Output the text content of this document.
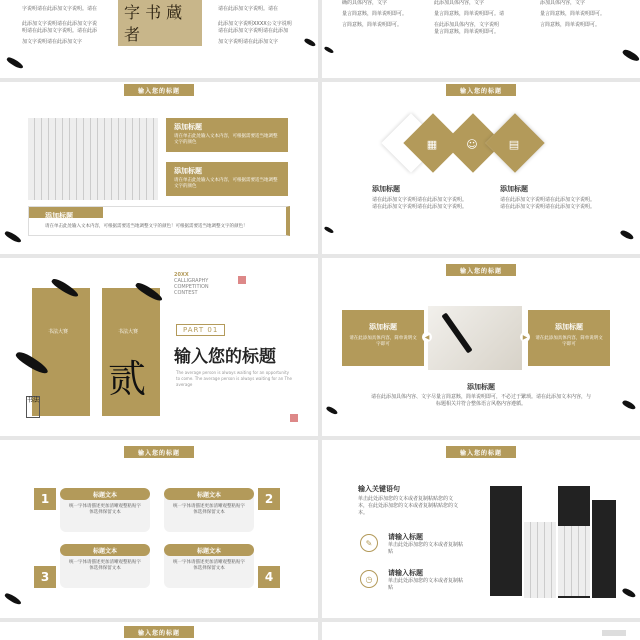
字说明请在此添加文字说明。请在
此添加文字说明请在此添加文字说
明请在此添加文字说明。请在此添
加文字说明请在此添加文字
字 书 蔵 者
请在此添加文字说明。请在
此添加文字说明XXXX公文字说明
请在此添加文字说明请在此添加
加文字说明请在此添加文字
确的具体内容，文字
量言简意赅，简单说明即可。
言简意赅，简单说明即可。
此添加具体内容，文字
量言简意赅，简单说明即可。请
在此添加具体内容，文字说明
量言简意赅，简单说明即可。
添加具体内容，文字
量言简意赅，简单说明即可。
言简意赅，简单说明即可。
输入您的标题
添加标题
请在单击此处输入文本内容，可根据需要适当地调整文字的颜色
添加标题
请在单击此处输入文本内容，可根据需要适当地调整文字的颜色
添加标题
请在单击此处输入文本内容，可根据需要适当地调整文字的颜色！可根据需要适当地调整文字的颜色！
输入您的标题
▦	☺	▤
添加标题
请在此添加文字说明请在此添加文字说明。请在此添加文字说明请在此添加文字说明。
添加标题
请在此添加文字说明请在此添加文字说明。请在此添加文字说明请在此添加文字说明。
书法大赛	书法大赛
贰
书法
20XX
CALLIGRAPHY
COMPETITION
CONTEST
PART 01
输入您的标题
The average person is always waiting for an opportunity to come. The average person is always waiting for an The average
输入您的标题
添加标题
请在此添加具体内容，简单说明文字即可
添加标题
请在此添加具体内容，简单说明文字即可
◀	▶
添加标题
请在此添加具体内容、文字尽量言简意赅，简单说明即可，不必过于繁琐。请在此添加文本内容，与标题相关并符合整体语言风格内容遵循。
输入您的标题
1	标题文本
统一字体请描述更加清晰观整粘贴字体选择保留文本
标题文本
统一字体请描述更加清晰观整粘贴字体选择保留文本
2
3
标题文本
统一字体请描述更加清晰观整粘贴字体选择保留文本
标题文本
统一字体请描述更加清晰观整粘贴字体选择保留文本
4
输入您的标题
输入关键语句
单击此处添加您的文本或者复制粘贴您的文本，在此处添加您的文本或者复制粘贴您的文本。
✎
请输入标题
单击此处添加您的文本或者复制粘贴
◷
请输入标题
单击此处添加您的文本或者复制粘贴
输入您的标题
